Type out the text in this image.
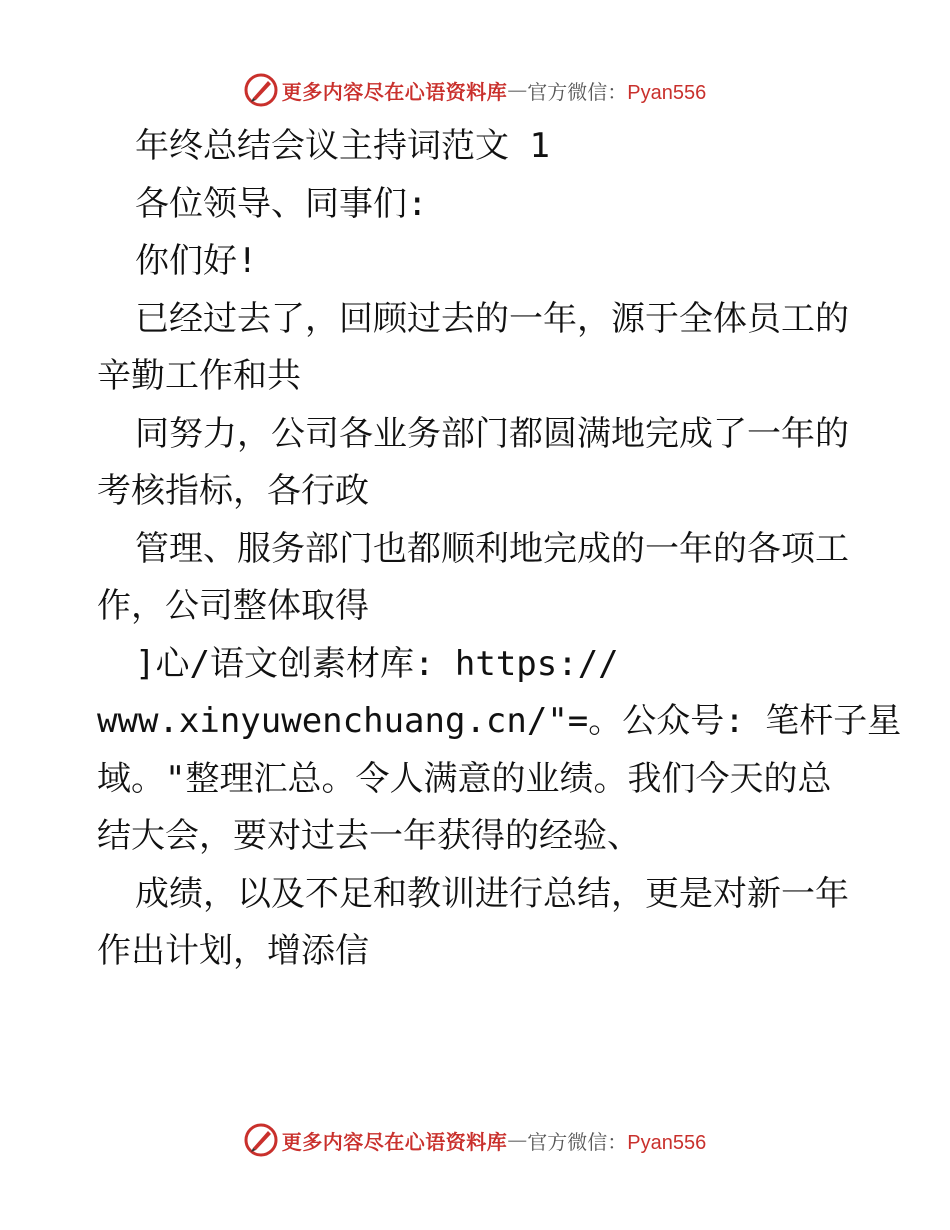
更多内容尽在心语资料库 — 官方微信：Pyan556

年终总结会议主持词范文 1

各位领导、同事们:

你们好!

已经过去了，回顾过去的一年，源于全体员工的

辛勤工作和共

同努力，公司各业务部门都圆满地完成了一年的

考核指标，各行政

管理、服务部门也都顺利地完成的一年的各项工

作，公司整体取得

]心/语文创素材库: https://

www.xinyuwenchuang.cn/"=。公众号: 笔杆子星

域。"整理汇总。令人满意的业绩。我们今天的总

结大会，要对过去一年获得的经验、

成绩，以及不足和教训进行总结，更是对新一年

作出计划，增添信

更多内容尽在心语资料库 — 官方微信：Pyan556
